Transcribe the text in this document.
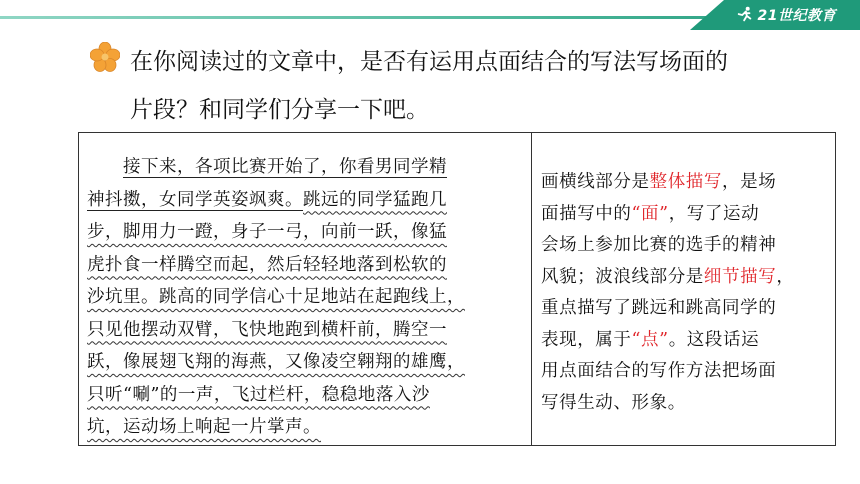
21世纪教育
在你阅读过的文章中，是否有运用点面结合的写法写场面的
片段？和同学们分享一下吧。
接下来，各项比赛开始了，你看男同学精
神抖擞，女同学英姿飒爽。跳远的同学猛跑几
步，脚用力一蹬，身子一弓，向前一跃，像猛
虎扑食一样腾空而起，然后轻轻地落到松软的
沙坑里。跳高的同学信心十足地站在起跑线上，
只见他摆动双臂，飞快地跑到横杆前，腾空一
跃，像展翅飞翔的海燕，又像凌空翱翔的雄鹰，
只听“唰”的一声，飞过栏杆，稳稳地落入沙
坑，运动场上响起一片掌声。
画横线部分是整体描写，是场
面描写中的“面”，写了运动
会场上参加比赛的选手的精神
风貌；波浪线部分是细节描写，
重点描写了跳远和跳高同学的
表现，属于“点”。这段话运
用点面结合的写作方法把场面
写得生动、形象。
